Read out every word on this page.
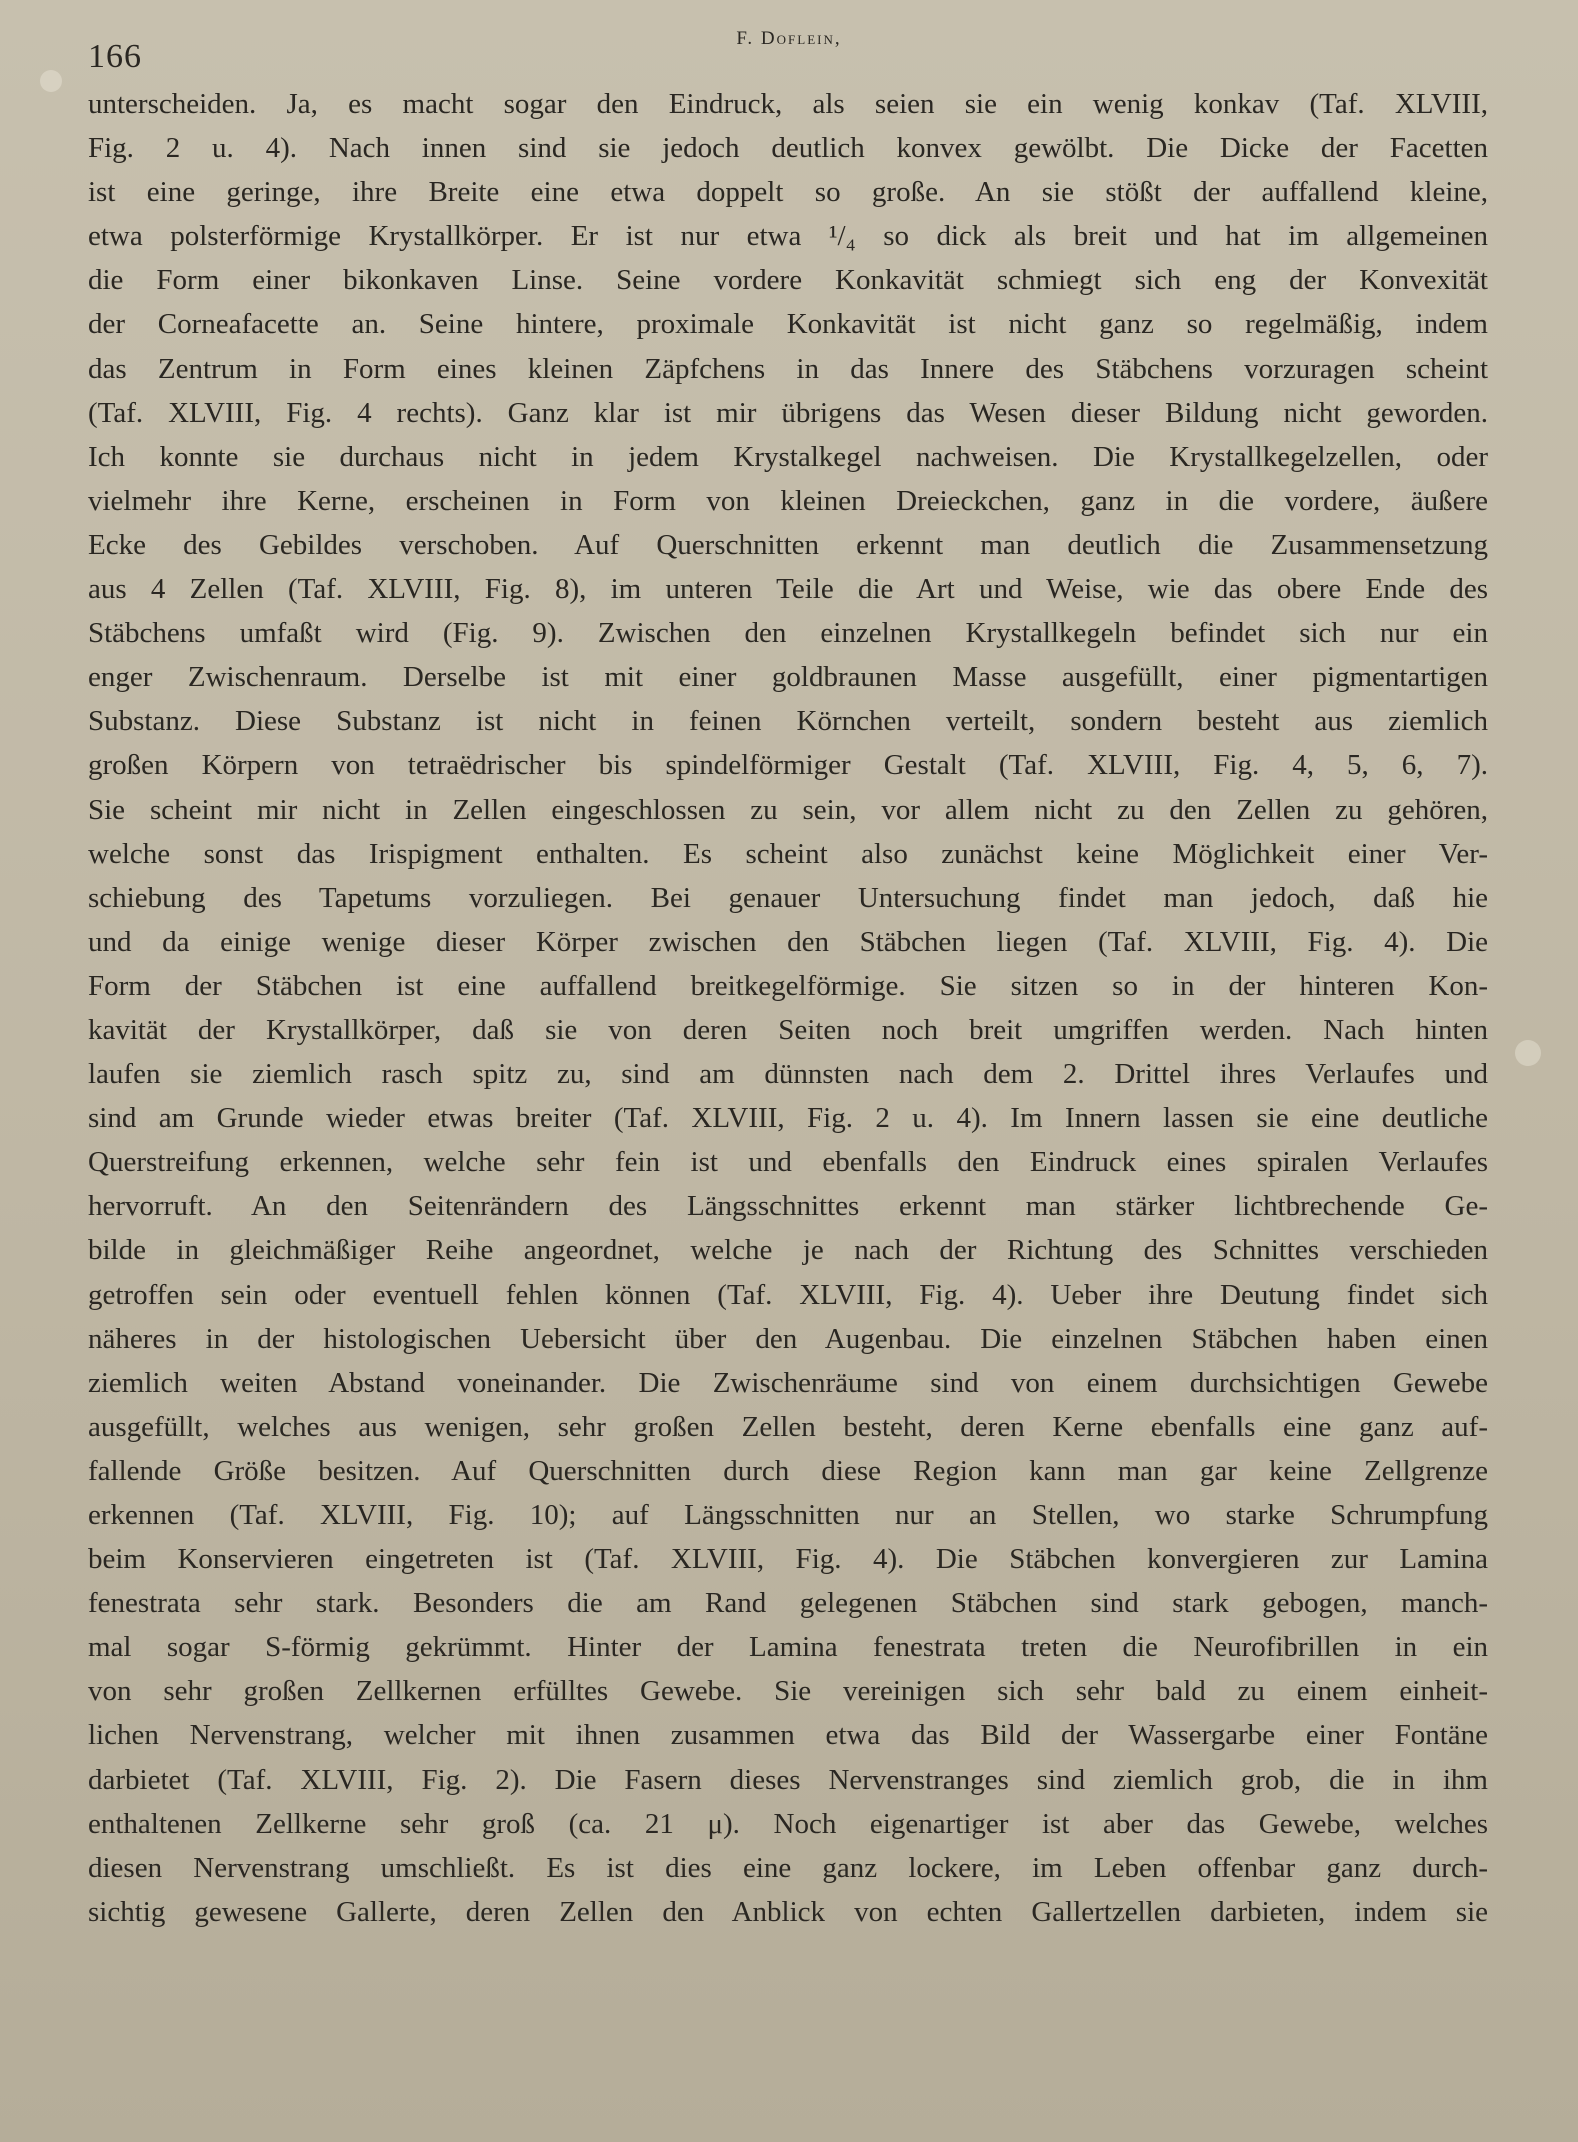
166	F. Doflein,
unterscheiden. Ja, es macht sogar den Eindruck, als seien sie ein wenig konkav (Taf. XLVIII,
Fig. 2 u. 4). Nach innen sind sie jedoch deutlich konvex gewölbt. Die Dicke der Facetten
ist eine geringe, ihre Breite eine etwa doppelt so große. An sie stößt der auffallend kleine,
etwa polsterförmige Krystallkörper. Er ist nur etwa ¹/₄ so dick als breit und hat im allgemeinen
die Form einer bikonkaven Linse. Seine vordere Konkavität schmiegt sich eng der Konvexität
der Corneafacette an. Seine hintere, proximale Konkavität ist nicht ganz so regelmäßig, indem
das Zentrum in Form eines kleinen Zäpfchens in das Innere des Stäbchens vorzuragen scheint
(Taf. XLVIII, Fig. 4 rechts). Ganz klar ist mir übrigens das Wesen dieser Bildung nicht geworden.
Ich konnte sie durchaus nicht in jedem Krystalkegel nachweisen. Die Krystallkegelzellen, oder
vielmehr ihre Kerne, erscheinen in Form von kleinen Dreieckchen, ganz in die vordere, äußere
Ecke des Gebildes verschoben. Auf Querschnitten erkennt man deutlich die Zusammensetzung
aus 4 Zellen (Taf. XLVIII, Fig. 8), im unteren Teile die Art und Weise, wie das obere Ende des
Stäbchens umfaßt wird (Fig. 9). Zwischen den einzelnen Krystallkegeln befindet sich nur ein
enger Zwischenraum. Derselbe ist mit einer goldbraunen Masse ausgefüllt, einer pigmentartigen
Substanz. Diese Substanz ist nicht in feinen Körnchen verteilt, sondern besteht aus ziemlich
großen Körpern von tetraëdrischer bis spindelförmiger Gestalt (Taf. XLVIII, Fig. 4, 5, 6, 7).
Sie scheint mir nicht in Zellen eingeschlossen zu sein, vor allem nicht zu den Zellen zu gehören,
welche sonst das Irispigment enthalten. Es scheint also zunächst keine Möglichkeit einer Ver-
schiebung des Tapetums vorzuliegen. Bei genauer Untersuchung findet man jedoch, daß hie
und da einige wenige dieser Körper zwischen den Stäbchen liegen (Taf. XLVIII, Fig. 4). Die
Form der Stäbchen ist eine auffallend breitkegelförmige. Sie sitzen so in der hinteren Kon-
kavität der Krystallkörper, daß sie von deren Seiten noch breit umgriffen werden. Nach hinten
laufen sie ziemlich rasch spitz zu, sind am dünnsten nach dem 2. Drittel ihres Verlaufes und
sind am Grunde wieder etwas breiter (Taf. XLVIII, Fig. 2 u. 4). Im Innern lassen sie eine deutliche
Querstreifung erkennen, welche sehr fein ist und ebenfalls den Eindruck eines spiralen Verlaufes
hervorruft. An den Seitenrändern des Längsschnittes erkennt man stärker lichtbrechende Ge-
bilde in gleichmäßiger Reihe angeordnet, welche je nach der Richtung des Schnittes verschieden
getroffen sein oder eventuell fehlen können (Taf. XLVIII, Fig. 4). Ueber ihre Deutung findet sich
näheres in der histologischen Uebersicht über den Augenbau. Die einzelnen Stäbchen haben einen
ziemlich weiten Abstand voneinander. Die Zwischenräume sind von einem durchsichtigen Gewebe
ausgefüllt, welches aus wenigen, sehr großen Zellen besteht, deren Kerne ebenfalls eine ganz auf-
fallende Größe besitzen. Auf Querschnitten durch diese Region kann man gar keine Zellgrenze
erkennen (Taf. XLVIII, Fig. 10); auf Längsschnitten nur an Stellen, wo starke Schrumpfung
beim Konservieren eingetreten ist (Taf. XLVIII, Fig. 4). Die Stäbchen konvergieren zur Lamina
fenestrata sehr stark. Besonders die am Rand gelegenen Stäbchen sind stark gebogen, manch-
mal sogar S-förmig gekrümmt. Hinter der Lamina fenestrata treten die Neurofibrillen in ein
von sehr großen Zellkernen erfülltes Gewebe. Sie vereinigen sich sehr bald zu einem einheit-
lichen Nervenstrang, welcher mit ihnen zusammen etwa das Bild der Wassergarbe einer Fontäne
darbietet (Taf. XLVIII, Fig. 2). Die Fasern dieses Nervenstranges sind ziemlich grob, die in ihm
enthaltenen Zellkerne sehr groß (ca. 21 μ). Noch eigenartiger ist aber das Gewebe, welches
diesen Nervenstrang umschließt. Es ist dies eine ganz lockere, im Leben offenbar ganz durch-
sichtig gewesene Gallerte, deren Zellen den Anblick von echten Gallertzellen darbieten, indem sie
